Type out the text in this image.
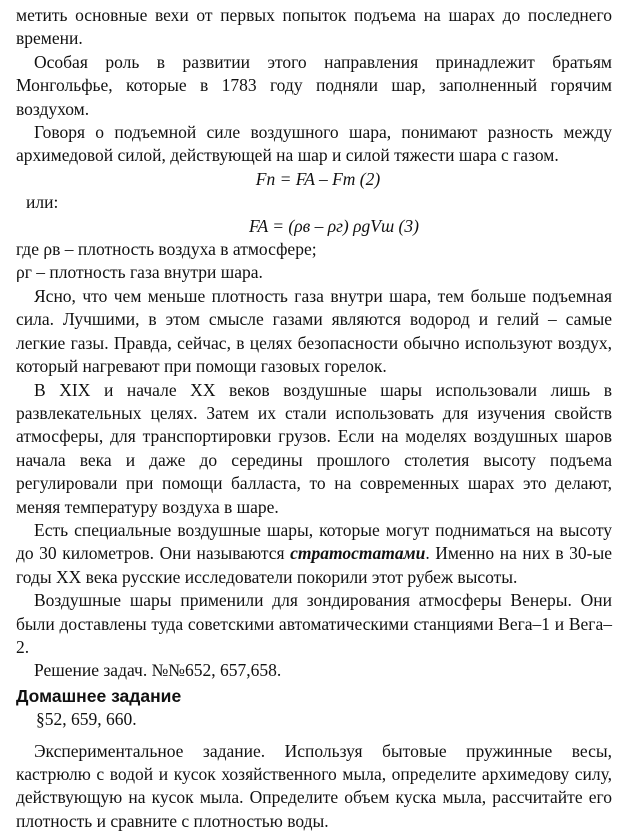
метить основные вехи от первых попыток подъема на шарах до последнего времени.

Особая роль в развитии этого направления принадлежит братьям Монгольфье, которые в 1783 году подняли шар, заполненный горячим воздухом.

Говоря о подъемной силе воздушного шара, понимают разность между архимедовой силой, действующей на шар и силой тяжести шара с газом.

Fп = FA – Fт (2)

или:

FA = (ρв – ρг) ρgVш (3)

где ρв – плотность воздуха в атмосфере;

ρг – плотность газа внутри шара.

Ясно, что чем меньше плотность газа внутри шара, тем больше подъемная сила. Лучшими, в этом смысле газами являются водород и гелий – самые легкие газы. Правда, сейчас, в целях безопасности обычно используют воздух, который нагревают при помощи газовых горелок.

В XIX и начале XX веков воздушные шары использовали лишь в развлекательных целях. Затем их стали использовать для изучения свойств атмосферы, для транспортировки грузов. Если на моделях воздушных шаров начала века и даже до середины прошлого столетия высоту подъема регулировали при помощи балласта, то на современных шарах это делают, меняя температуру воздуха в шаре.

Есть специальные воздушные шары, которые могут подниматься на высоту до 30 километров. Они называются стратостатами. Именно на них в 30-ые годы XX века русские исследователи покорили этот рубеж высоты.

Воздушные шары применили для зондирования атмосферы Венеры. Они были доставлены туда советскими автоматическими станциями Вега–1 и Вега–2.

Решение задач. №№652, 657,658.

Домашнее задание

§52, 659, 660.

Экспериментальное задание. Используя бытовые пружинные весы, кастрюлю с водой и кусок хозяйственного мыла, определите архимедову силу, действующую на кусок мыла. Определите объем куска мыла, рассчитайте его плотность и сравните с плотностью воды.
